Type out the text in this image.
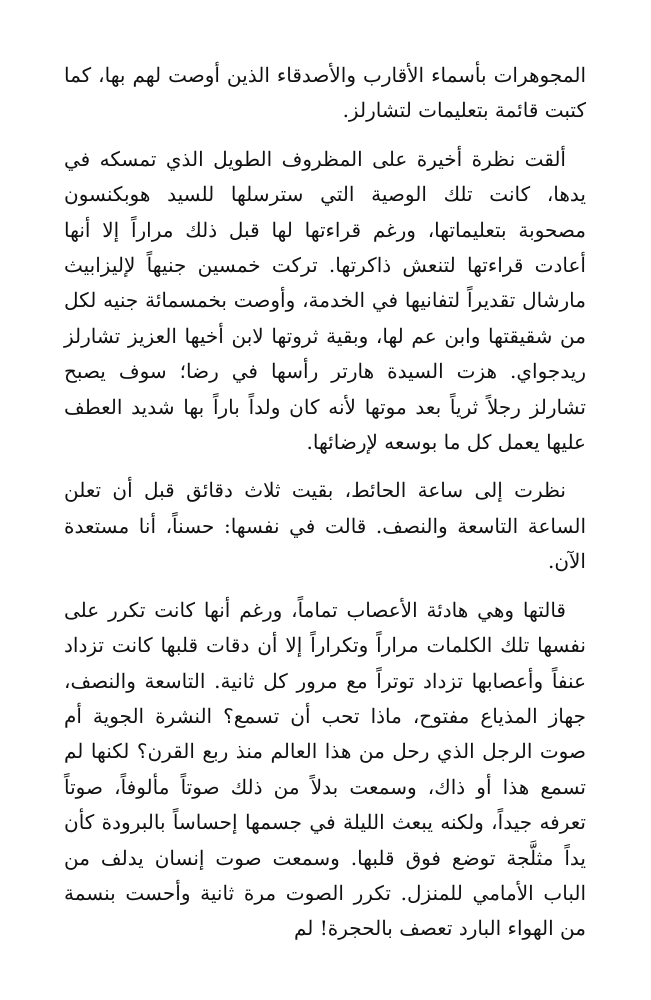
المجوهرات بأسماء الأقارب والأصدقاء الذين أوصت لهم بها، كما كتبت قائمة بتعليمات لتشارلز.

ألقت نظرة أخيرة على المظروف الطويل الذي تمسكه في يدها، كانت تلك الوصية التي سترسلها للسيد هوبكنسون مصحوبة بتعليماتها، ورغم قراءتها لها قبل ذلك مراراً إلا أنها أعادت قراءتها لتنعش ذاكرتها. تركت خمسين جنيهاً لإليزابيث مارشال تقديراً لتفانيها في الخدمة، وأوصت بخمسمائة جنيه لكل من شقيقتها وابن عم لها، وبقية ثروتها لابن أخيها العزيز تشارلز ريدجواي. هزت السيدة هارتر رأسها في رضا؛ سوف يصبح تشارلز رجلاً ثرياً بعد موتها لأنه كان ولداً باراً بها شديد العطف عليها يعمل كل ما بوسعه لإرضائها.

نظرت إلى ساعة الحائط، بقيت ثلاث دقائق قبل أن تعلن الساعة التاسعة والنصف. قالت في نفسها: حسناً، أنا مستعدة الآن.

قالتها وهي هادئة الأعصاب تماماً، ورغم أنها كانت تكرر على نفسها تلك الكلمات مراراً وتكراراً إلا أن دقات قلبها كانت تزداد عنفاً وأعصابها تزداد توتراً مع مرور كل ثانية. التاسعة والنصف، جهاز المذياع مفتوح، ماذا تحب أن تسمع؟ النشرة الجوية أم صوت الرجل الذي رحل من هذا العالم منذ ربع القرن؟ لكنها لم تسمع هذا أو ذاك، وسمعت بدلاً من ذلك صوتاً مألوفاً، صوتاً تعرفه جيداً، ولكنه يبعث الليلة في جسمها إحساساً بالبرودة كأن يداً مثلَّجة توضع فوق قلبها. وسمعت صوت إنسان يدلف من الباب الأمامي للمنزل. تكرر الصوت مرة ثانية وأحست بنسمة من الهواء البارد تعصف بالحجرة! لم
